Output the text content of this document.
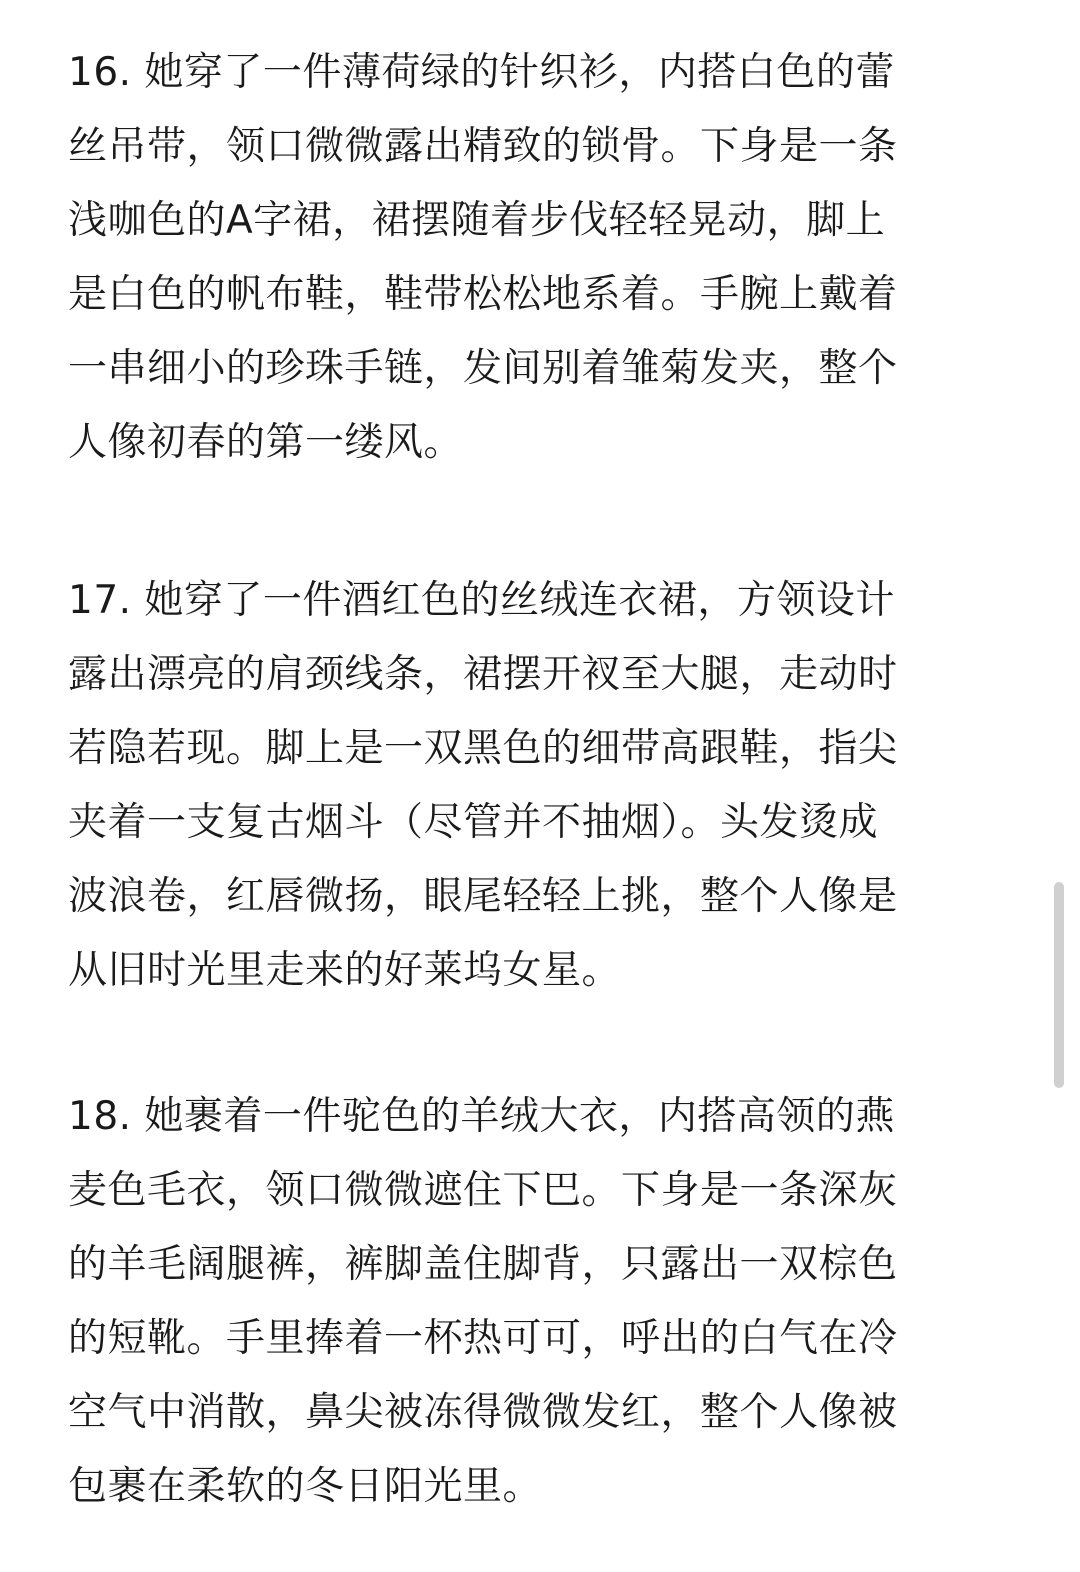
16. 她穿了一件薄荷绿的针织衫，内搭白色的蕾
丝吊带，领口微微露出精致的锁骨。下身是一条
浅咖色的A字裙，裙摆随着步伐轻轻晃动，脚上
是白色的帆布鞋，鞋带松松地系着。手腕上戴着
一串细小的珍珠手链，发间别着雏菊发夹，整个
人像初春的第一缕风。
17. 她穿了一件酒红色的丝绒连衣裙，方领设计
露出漂亮的肩颈线条，裙摆开衩至大腿，走动时
若隐若现。脚上是一双黑色的细带高跟鞋，指尖
夹着一支复古烟斗（尽管并不抽烟）。头发烫成
波浪卷，红唇微扬，眼尾轻轻上挑，整个人像是
从旧时光里走来的好莱坞女星。
18. 她裹着一件驼色的羊绒大衣，内搭高领的燕
麦色毛衣，领口微微遮住下巴。下身是一条深灰
的羊毛阔腿裤，裤脚盖住脚背，只露出一双棕色
的短靴。手里捧着一杯热可可，呼出的白气在冷
空气中消散，鼻尖被冻得微微发红，整个人像被
包裹在柔软的冬日阳光里。
